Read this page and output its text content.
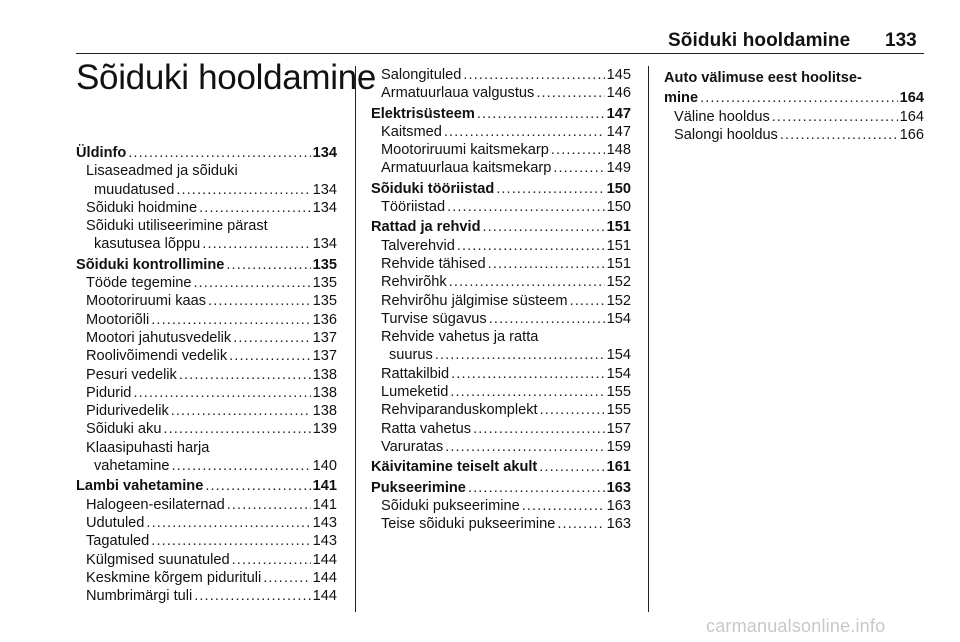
Sõiduki hooldamine 133
Sõiduki hooldamine
Üldinfo .....	134
Lisaseadmed ja sõiduki
muudatused .....	134
Sõiduki hoidmine .....	134
Sõiduki utiliseerimine pärast
kasutusea lõppu .....	134
Sõiduki kontrollimine .....	135
Tööde tegemine .....	135
Mootoriruumi kaas .....	135
Mootoriõli .....	136
Mootori jahutusvedelik .....	137
Roolivõimendi vedelik .....	137
Pesuri vedelik .....	138
Pidurid .....	138
Pidurivedelik .....	138
Sõiduki aku .....	139
Klaasipuhasti harja
vahetamine .....	140
Lambi vahetamine .....	141
Halogeen-esilaternad .....	141
Udutuled .....	143
Tagatuled .....	143
Külgmised suunatuled .....	144
Keskmine kõrgem pidurituli .....	144
Numbrimärgi tuli .....	144
Salongituled .....	145
Armatuurlaua valgustus .....	146
Elektrisüsteem .....	147
Kaitsmed .....	147
Mootoriruumi kaitsmekarp .....	148
Armatuurlaua kaitsmekarp .....	149
Sõiduki tööriistad .....	150
Tööriistad .....	150
Rattad ja rehvid .....	151
Talverehvid .....	151
Rehvide tähised .....	151
Rehvirõhk .....	152
Rehvirõhu jälgimise süsteem .....	152
Turvise sügavus .....	154
Rehvide vahetus ja ratta
suurus .....	154
Rattakilbid .....	154
Lumeketid .....	155
Rehviparanduskomplekt .....	155
Ratta vahetus .....	157
Varuratas .....	159
Käivitamine teiselt akult .....	161
Pukseerimine .....	163
Sõiduki pukseerimine .....	163
Teise sõiduki pukseerimine .....	163
Auto välimuse eest hoolitse-
mine .....	164
Väline hooldus .....	164
Salongi hooldus .....	166
carmanualsonline.info
